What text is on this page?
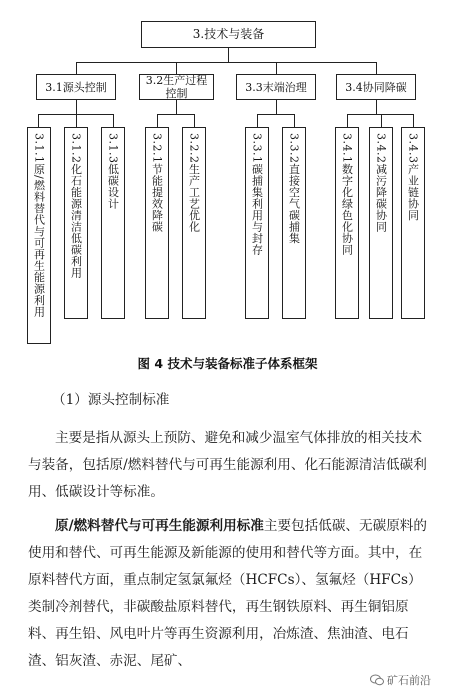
3.技术与装备
3.1源头控制	3.2生产过程控制	3.3末端治理	3.4协同降碳
3.1.1原/燃料替代与可再生能源利用 3.1.2化石能源清洁低碳利用 3.1.3低碳设计	3.2.1节能提效降碳 3.2.2生产工艺优化	3.3.1碳捕集利用与封存 3.3.2直接空气碳捕集	3.4.1数字化绿色化协同 3.4.2减污降碳协同 3.4.3产业链协同
图 4 技术与装备标准子体系框架

（1）源头控制标准

主要是指从源头上预防、避免和减少温室气体排放的相关技术与装备，包括原/燃料替代与可再生能源利用、化石能源清洁低碳利用、低碳设计等标准。

原/燃料替代与可再生能源利用标准主要包括低碳、无碳原料的使用和替代、可再生能源及新能源的使用和替代等方面。其中，在原料替代方面，重点制定氢氯氟烃（HCFCs）、氢氟烃（HFCs）类制冷剂替代，非碳酸盐原料替代，再生钢铁原料、再生铜铝原料、再生铅、风电叶片等再生资源利用，冶炼渣、焦油渣、电石渣、铝灰渣、赤泥、尾矿、

矿石前沿
